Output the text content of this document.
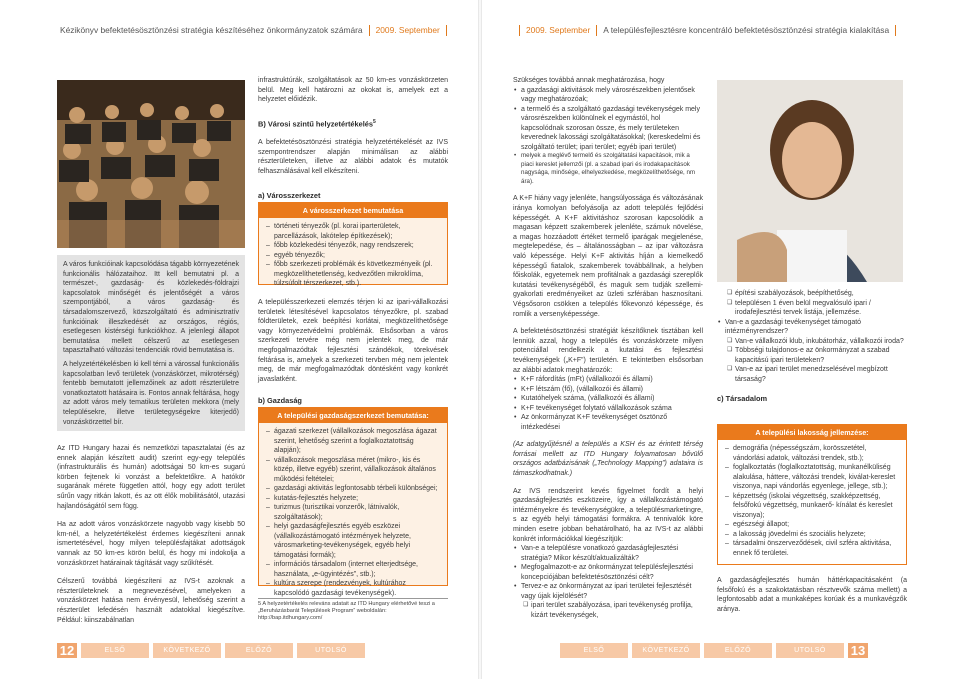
Kézikönyv befektetésösztönzési stratégia készítéséhez önkormányzatok számára 2009. September	2009. September A településfejlesztésre koncentráló befektetésösztönzési stratégia kialakítása

A város funkcióinak kapcsolódása tágabb környezetének funkcionális hálózataihoz. Itt kell bemutatni pl. a természet-, gazdaság- és közlekedés-földrajzi kapcsolatok minőségét és jelentőségét a város szempontjából, a város gazdaság- és társadalomszervező, közszolgáltató és adminisztratív funkcióinak illeszkedését az országos, régiós, esetlegesen kistérségi funkciókhoz. A jelenlegi állapot bemutatása mellett célszerű az esetlegesen tapasztalható változási tendenciák rövid bemutatása is.

A helyzetértékelésben ki kell térni a várossal funkcionális kapcsolatban levő területek (vonzáskörzet, mikrotérség) fentebb bemutatott jellemzőinek az adott részterületre vonatkoztatott hatásaira is. Fontos annak feltárása, hogy az adott város mely tematikus területen mekkora (mely településekre, illetve területegységekre kiterjedő) vonzáskörzettel bír.

Az ITD Hungary hazai és nemzetközi tapasztalatai (és az ennek alapján készített audit) szerint egy-egy település (infrastrukturális és humán) adottságai 50 km-es sugarú körben fejtenek ki vonzást a befektetőkre. A hatókör sugarának mérete független attól, hogy egy adott terület sűrűn vagy ritkán lakott, és az ott élők mobilitásától, utazási hajlandóságától sem függ.

Ha az adott város vonzáskörzete nagyobb vagy kisebb 50 km-nél, a helyzetértékelést érdemes kiegészíteni annak ismertetésével, hogy milyen településfajtákat adottságok vannak az 50 km-es körön belül, és hogy mi indokolja a vonzáskörzet határainak tágítását vagy szűkítését.

Célszerű továbbá kiegészíteni az IVS-t azoknak a részterületeknek a megnevezésével, amelyeken a vonzáskörzet hatása nem érvényesül, lehetőség szerint a részterület lefedésén használt adatokkal kiegészítve. Például: kiinszabálnatlan

infrastruktúrák, szolgáltatások az 50 km-es vonzáskörzeten belül. Meg kell határozni az okokat is, amelyek ezt a helyzetet előidézik.

B) Városi szintű helyzetértékelés$^5$

A befektetésösztönzési stratégia helyzetértékelését az IVS szempontrendszer alapján minimálisan az alábbi részterületeken, illetve az alábbi adatok és mutatók felhasználásával kell elkészíteni.

a) Városszerkezet

A városszerkezet bemutatása
– történeti tényezők (pl. korai iparterületek, parcellázások, lakótelep építkezések);
– főbb közlekedési tényezők, nagy rendszerek;
– egyéb tényezők;
– főbb szerkezeti problémák és következményeik (pl. megközelíthetetlenség, kedvezőtlen mikroklíma, túlzsúfolt térszerkezet, stb.).

A településszerkezeti elemzés térjen ki az ipari-vállalkozási területek létesítésével kapcsolatos tényezőkre, pl. szabad földterületek, ezek beépítési korlátai, megközelíthetősége vagy környezetvédelmi problémák. Elsősorban a város szerkezeti tervére még nem jelentek meg, de már megfogalmazódtak fejlesztési szándékok, törekvések feltárása is, amelyek a szerkezeti tervben még nem jelentek meg, de már megfogalmazódtak döntésként vagy konkrét javaslatként.

b) Gazdaság

A települési gazdaságszerkezet bemutatása:
– ágazati szerkezet (vállalkozások megoszlása ágazat szerint, lehetőség szerint a foglalkoztatottság alapján);
– vállalkozások megoszlása méret (mikro-, kis és közép, illetve egyéb) szerint, vállalkozások általános működési feltételei;
– gazdasági aktivitás legfontosabb térbeli különbségei;
– kutatás-fejlesztés helyzete;
– turizmus (turisztikai vonzerők, látnivalók, szolgáltatások);
– helyi gazdaságfejlesztés egyéb eszközei (vállalkozástámogató intézmények helyzete, városmarketing-tevékenységek, egyéb helyi támogatási formák);
– információs társadalom (internet elterjedtsége, használata, „e-ügyintézés”, stb.);
– kultúra szerepe (rendezvények, kultúrához kapcsolódó gazdasági tevékenységek).

5 A helyzetértékelés releváns adatait az ITD Hungary elérhetővé teszi a „Beruházásbarát Települések Program” weboldalán: http://bap.itdhungary.com/

Szükséges továbbá annak meghatározása, hogy

• a gazdasági aktivitások mely városrészekben jelentősek vagy meghatározóak;
• a termelő és a szolgáltató gazdasági tevékenységek mely városrészekben különülnek el egymástól, hol kapcsolódnak szorosan össze, és mely területeken keverednek lakossági szolgáltatásokkal; (kereskedelmi és szolgáltató terület; ipari terület; egyéb ipari terület)
• melyek a meglévő termelő és szolgáltatási kapacitások, mik a piaci kereslet jellemzői (pl. a szabad ipari és irodakapacitások nagysága, minősége, elhelyezkedése, megközelíthetősége, nm ára).

A K+F hiány vagy jelenléte, hangsúlyossága és változásának iránya komolyan befolyásolja az adott település fejlődési képességét. A K+F aktivitáshoz szorosan kapcsolódik a magasan képzett szakemberek jelenléte, számuk növelése, a magas hozzáadott értéket termelő iparágak megjelenése, megtelepedése, és – általánosságban – az ipar változásra való képessége. Helyi K+F aktivitás híján a kiemelkedő képességű fiatalok, szakemberek továbbállnak, a helyben főiskolák, egyetemek nem profitálnak a gazdasági szereplők kutatási tevékenységéből, és maguk sem tudják szellemi-gyakorlati eredményeiket az üzleti szférában hasznosítani. Végsősoron csökken a település főkevonzó képessége, és romlik a versenyképessége.

A befektetésösztönzési stratégiát készítőknek tisztában kell lenniük azzal, hogy a település és vonzáskörzete milyen potenciállal rendelkezik a kutatási és fejlesztési tevékenységek („K+F”) területén. E tekintetben elsősorban az alábbi adatok meghatározók:

• K+F ráfordítás (mFt) (vállalkozói és állami)
• K+F létszám (fő), (vállalkozói és állami)
• Kutatóhelyek száma, (vállalkozói és állami)
• K+F tevékenységet folytató vállalkozások száma
• Az önkormányzat K+F tevékenységet ösztönző intézkedései

(Az adatgyűjtésnél a település a KSH és az érintett térség forrásai mellett az ITD Hungary folyamatosan bővülő országos adatbázisának („Technology Mapping”) adataira is támaszkodhatnak.)

Az IVS rendszerint kevés figyelmet fordít a helyi gazdaságfejlesztés eszközeire, így a vállalkozástámogató intézményekre és tevékenységükre, a településmarketingre, s az egyéb helyi támogatási formákra. A tennivalók köre minden esetre jobban behatárolható, ha az IVS-t az alábbi konkrét információkkal kiegészítjük:

• Van-e a településre vonatkozó gazdaságfejlesztési stratégia? Mikor készült/aktualizálták?
• Megfogalmazott-e az önkormányzat településfejlesztési koncepciójában befektetésösztönzési célt?
• Tervez-e az önkormányzat az ipari területei fejlesztését vagy újak kijelölését?
❑ ipari terület szabályozása, ipari tevékenység profilja, kizárt tevékenységek,
❑ építési szabályozások, beépíthetőség,
❑ településen 1 éven belül megvalósuló ipari / irodafejlesztési tervek listája, jellemzése.
• Van-e a gazdasági tevékenységet támogató intézményrendszer?
❑ Van-e vállalkozói klub, inkubátorház, vállalkozói iroda?
❑ Többségi tulajdonos-e az önkormányzat a szabad kapacitású ipari területeken?
❑ Van-e az ipari terület menedzselésével megbízott társaság?

c) Társadalom

A települési lakosság jellemzése:
– demográfia (népességszám, korösszetétel, vándorlási adatok, változási trendek, stb.);
– foglalkoztatás (foglalkoztatottság, munkanélküliség alakulása, háttere, változási trendek, kiválat-kereslet viszonya, napi vándorlás egyenlege, jellege, stb.);
– képzettség (iskolai végzettség, szakképzettség, felsőfokú végzettség, munkaerő- kínálat és kereslet viszonya);
– egészségi állapot;
– a lakosság jövedelmi és szociális helyzete;
– társadalmi önszerveződések, civil szféra aktivitása, ennek fő területei.

A gazdaságfejlesztés humán háttérkapacitásaként (a felsőfokú és a szakoktatásban résztvevők száma mellett) a legfontosabb adat a munkaképes korúak és a munkavégzők aránya.

12	ELSŐ	KÖVETKEZŐ	ELŐZŐ	UTOLSÓ	ELSŐ	KÖVETKEZŐ	ELŐZŐ	UTOLSÓ	13
